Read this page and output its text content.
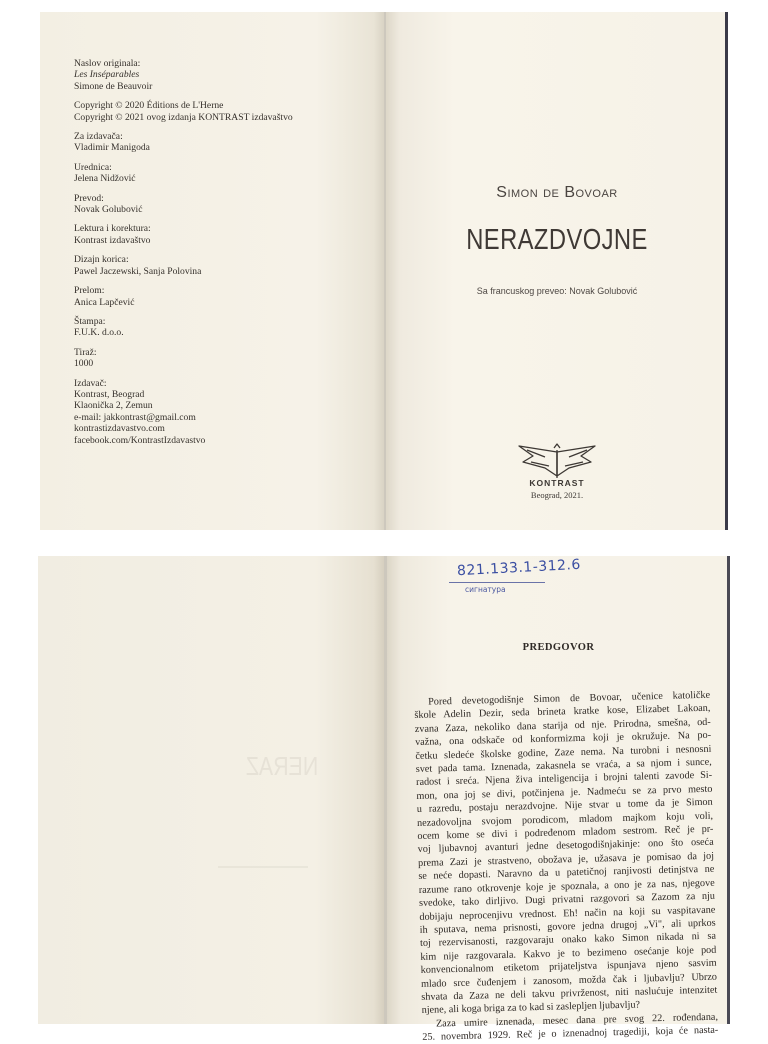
Naslov originala:
Les Inséparables
Simone de Beauvoir
Copyright © 2020 Éditions de L'Herne
Copyright © 2021 ovog izdanja KONTRAST izdavaštvo
Za izdavača:
Vladimir Manigoda
Urednica:
Jelena Nidžović
Prevod:
Novak Golubović
Lektura i korektura:
Kontrast izdavaštvo
Dizajn korica:
Pawel Jaczewski, Sanja Polovina
Prelom:
Anica Lapčević
Štampa:
F.U.K. d.o.o.
Tiraž:
1000
Izdavač:
Kontrast, Beograd
Klaonička 2, Zemun
e-mail: jakkontrast@gmail.com
kontrastizdavastvo.com
facebook.com/KontrastIzdavastvo
Simon de Bovoar
NERAZDVOJNE
Sa francuskog preveo: Novak Golubović
KONTRAST
Beograd, 2021.
NERAZ
821.133.1-312.6
сигнатура
PREDGOVOR
Pored devetogodišnje Simon de Bovoar, učenice katoličke
škole Adelin Dezir, seda brineta kratke kose, Elizabet Lakoan,
zvana Zaza, nekoliko dana starija od nje. Prirodna, smešna, od-
važna, ona odskače od konformizma koji je okružuje. Na po-
četku sledeće školske godine, Zaze nema. Na turobni i nesnosni
svet pada tama. Iznenada, zakasnela se vraća, a sa njom i sunce,
radost i sreća. Njena živa inteligencija i brojni talenti zavode Si-
mon, ona joj se divi, potčinjena je. Nadmeću se za prvo mesto
u razredu, postaju nerazdvojne. Nije stvar u tome da je Simon
nezadovoljna svojom porodicom, mladom majkom koju voli,
ocem kome se divi i podređenom mladom sestrom. Reč je pr-
voj ljubavnoj avanturi jedne desetogodišnjakinje: ono što oseća
prema Zazi je strastveno, obožava je, užasava je pomisao da joj
se neće dopasti. Naravno da u patetičnoj ranjivosti detinjstva ne
razume rano otkrovenje koje je spoznala, a ono je za nas, njegove
svedoke, tako dirljivo. Dugi privatni razgovori sa Zazom za nju
dobijaju neprocenjivu vrednost. Eh! način na koji su vaspitavane
ih sputava, nema prisnosti, govore jedna drugoj „Vi", ali uprkos
toj rezervisanosti, razgovaraju onako kako Simon nikada ni sa
kim nije razgovarala. Kakvo je to bezimeno osećanje koje pod
konvencionalnom etiketom prijateljstva ispunjava njeno sasvim
mlado srce čuđenjem i zanosom, možda čak i ljubavlju? Ubrzo
shvata da Zaza ne deli takvu privrženost, niti naslućuje intenzitet
njene, ali koga briga za to kad si zaslepljen ljubavlju?
Zaza umire iznenada, mesec dana pre svog 22. rođendana,
25. novembra 1929. Reč je o iznenadnoj tragediji, koja će nasta-
